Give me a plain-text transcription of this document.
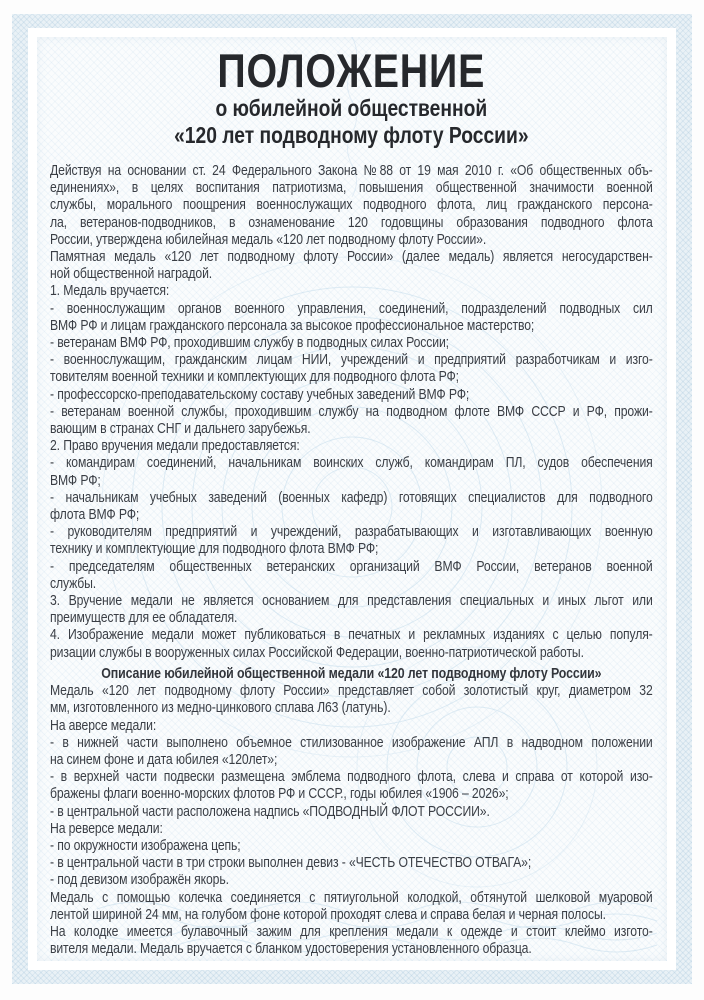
ПОЛОЖЕНИЕ
о юбилейной общественной
«120 лет подводному флоту России»
Действуя на основании ст. 24 Федерального Закона №88 от 19 мая 2010 г. «Об общественных объ-
единениях», в целях воспитания патриотизма, повышения общественной значимости военной
службы, морального поощрения военнослужащих подводного флота, лиц гражданского персона-
ла, ветеранов-подводников, в ознаменование 120 годовщины образования подводного флота
России, утверждена юбилейная медаль «120 лет подводному флоту России».
Памятная медаль «120 лет подводному флоту России» (далее медаль) является негосударствен-
ной общественной наградой.
1. Медаль вручается:
- военнослужащим органов военного управления, соединений, подразделений подводных сил
ВМФ РФ и лицам гражданского персонала за высокое профессиональное мастерство;
- ветеранам ВМФ РФ, проходившим службу в подводных силах России;
- военнослужащим, гражданским лицам НИИ, учреждений и предприятий разработчикам и изго-
товителям военной техники и комплектующих для подводного флота РФ;
- профессорско-преподавательскому составу учебных заведений ВМФ РФ;
- ветеранам военной службы, проходившим службу на подводном флоте ВМФ СССР и РФ, прожи-
вающим в странах СНГ и дальнего зарубежья.
2. Право вручения медали предоставляется:
- командирам соединений, начальникам воинских служб, командирам ПЛ, судов обеспечения
ВМФ РФ;
- начальникам учебных заведений (военных кафедр) готовящих специалистов для подводного
флота ВМФ РФ;
- руководителям предприятий и учреждений, разрабатывающих и изготавливающих военную
технику и комплектующие для подводного флота ВМФ РФ;
- председателям общественных ветеранских организаций ВМФ России, ветеранов военной
службы.
3. Вручение медали не является основанием для представления специальных и иных льгот или
преимуществ для ее обладателя.
4. Изображение медали может публиковаться в печатных и рекламных изданиях с целью популя-
ризации службы в вооруженных силах Российской Федерации, военно-патриотической работы.
Описание юбилейной общественной медали «120 лет подводному флоту России»
Медаль «120 лет подводному флоту России» представляет собой золотистый круг, диаметром 32
мм, изготовленного из медно-цинкового сплава Л63 (латунь).
На аверсе медали:
- в нижней части выполнено объемное стилизованное изображение АПЛ в надводном положении
на синем фоне и дата юбилея «120лет»;
- в верхней части подвески размещена эмблема подводного флота, слева и справа от которой изо-
бражены флаги военно-морских флотов РФ и СССР., годы юбилея «1906 – 2026»;
- в центральной части расположена надпись «ПОДВОДНЫЙ ФЛОТ РОССИИ».
На реверсе медали:
- по окружности изображена цепь;
- в центральной части в три строки выполнен девиз - «ЧЕСТЬ ОТЕЧЕСТВО ОТВАГА»;
- под девизом изображён якорь.
Медаль с помощью колечка соединяется с пятиугольной колодкой, обтянутой шелковой муаровой
лентой шириной 24 мм, на голубом фоне которой проходят слева и справа белая и черная полосы.
На колодке имеется булавочный зажим для крепления медали к одежде и стоит клеймо изгото-
вителя медали. Медаль вручается с бланком удостоверения установленного образца.
